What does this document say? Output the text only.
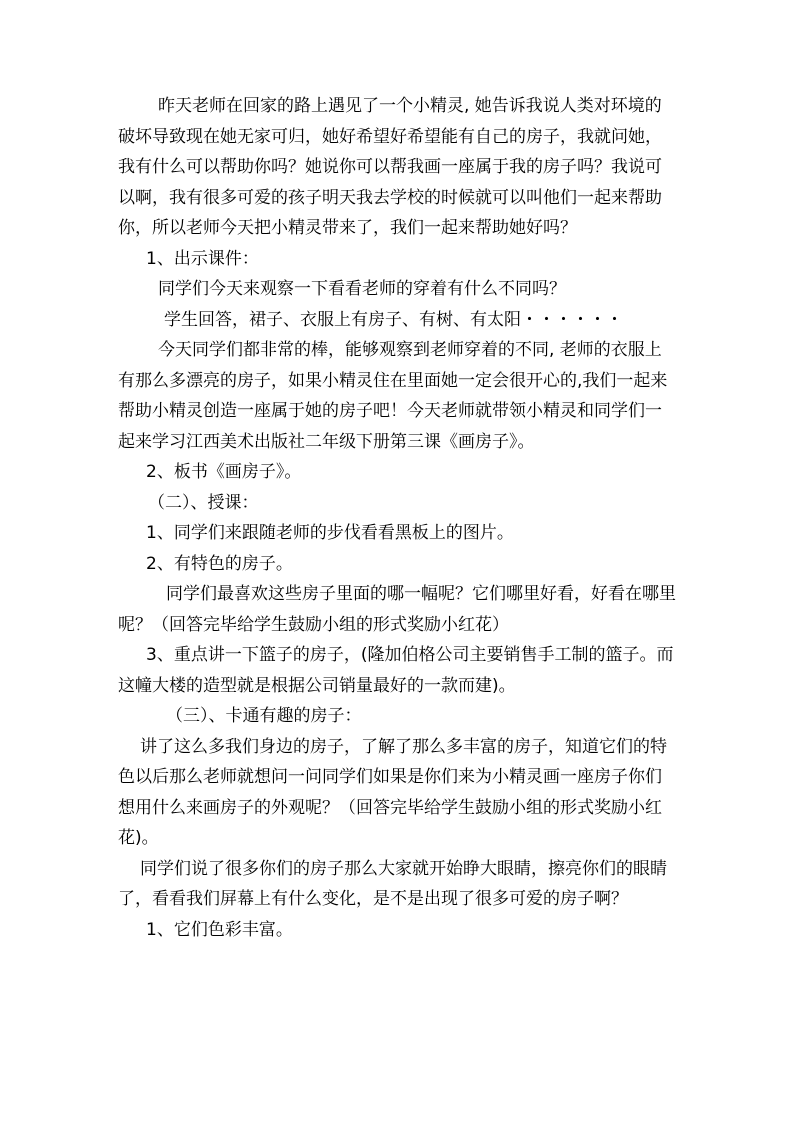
昨天老师在回家的路上遇见了一个小精灵, 她告诉我说人类对环境的破坏导致现在她无家可归，她好希望好希望能有自己的房子，我就问她，我有什么可以帮助你吗？她说你可以帮我画一座属于我的房子吗？我说可以啊，我有很多可爱的孩子明天我去学校的时候就可以叫他们一起来帮助你，所以老师今天把小精灵带来了，我们一起来帮助她好吗？

1、出示课件：

同学们今天来观察一下看看老师的穿着有什么不同吗？

学生回答，裙子、衣服上有房子、有树、有太阳・・・・・・

今天同学们都非常的棒，能够观察到老师穿着的不同, 老师的衣服上有那么多漂亮的房子，如果小精灵住在里面她一定会很开心的,我们一起来帮助小精灵创造一座属于她的房子吧！今天老师就带领小精灵和同学们一起来学习江西美术出版社二年级下册第三课《画房子》。

2、板书《画房子》。

（二）、授课：

1、同学们来跟随老师的步伐看看黑板上的图片。

2、有特色的房子。

同学们最喜欢这些房子里面的哪一幅呢？它们哪里好看，好看在哪里呢？（回答完毕给学生鼓励小组的形式奖励小红花）

3、重点讲一下篮子的房子，(隆加伯格公司主要销售手工制的篮子。而这幢大楼的造型就是根据公司销量最好的一款而建)。

（三）、卡通有趣的房子：

讲了这么多我们身边的房子，了解了那么多丰富的房子，知道它们的特色以后那么老师就想问一问同学们如果是你们来为小精灵画一座房子你们想用什么来画房子的外观呢？（回答完毕给学生鼓励小组的形式奖励小红花)。

同学们说了很多你们的房子那么大家就开始睁大眼睛，擦亮你们的眼睛了，看看我们屏幕上有什么变化，是不是出现了很多可爱的房子啊？

1、它们色彩丰富。
